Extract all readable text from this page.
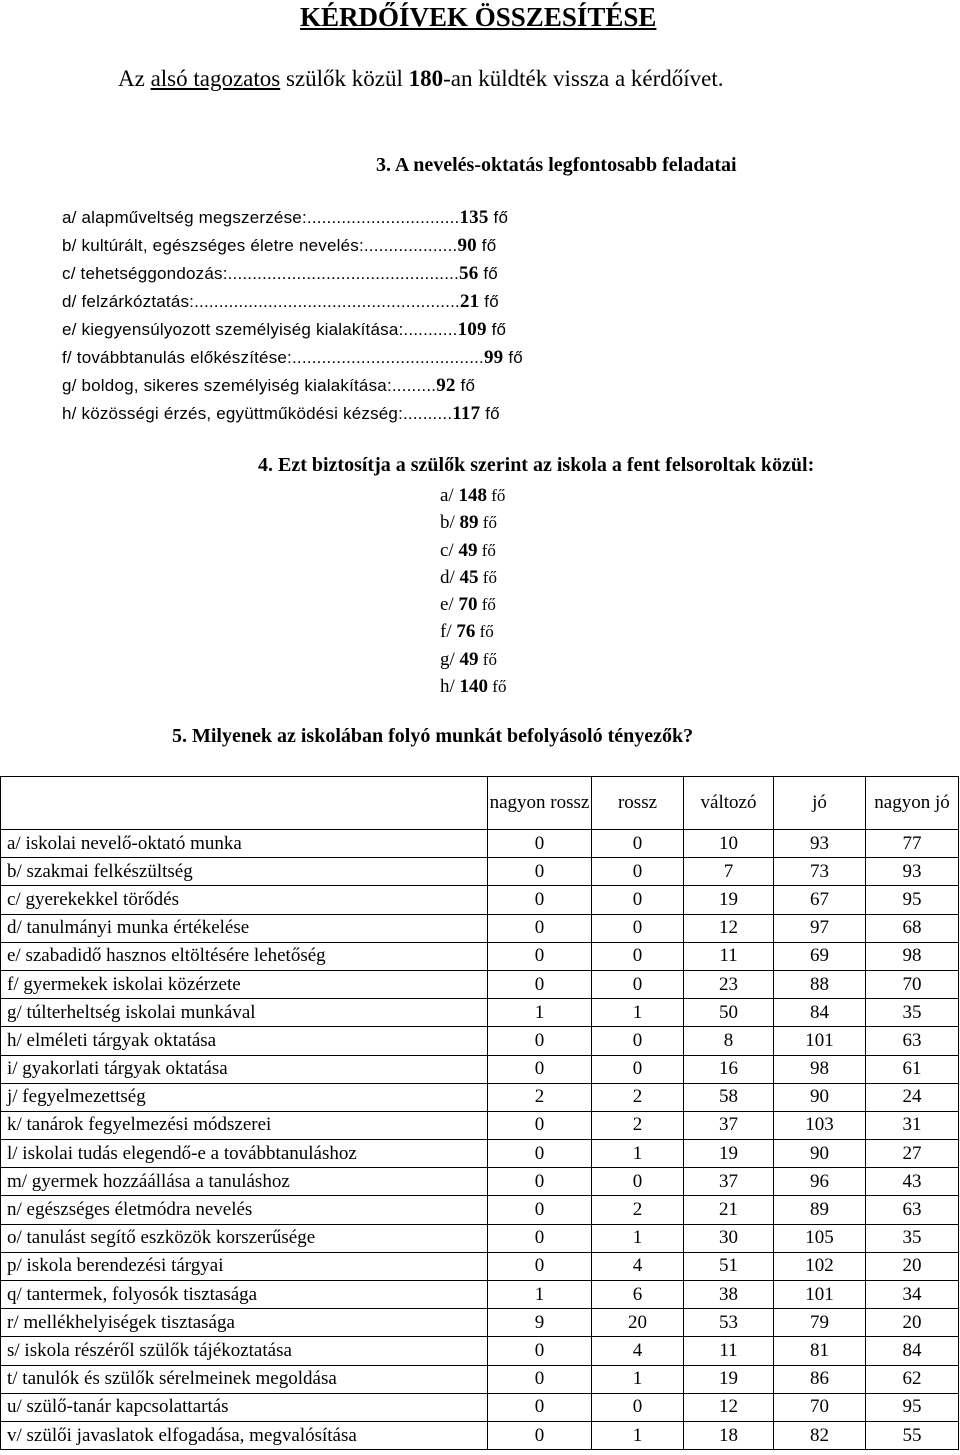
KÉRDŐÍVEK ÖSSZESÍTÉSE
Az alsó tagozatos szülők közül 180-an küldték vissza a kérdőívet.
3. A nevelés-oktatás legfontosabb feladatai
a/ alapműveltség megszerzése:...............................135 fő
b/ kultúrált, egészséges életre nevelés:...................90 fő
c/ tehetséggondozás:...............................................56 fő
d/ felzárkóztatás:......................................................21 fő
e/ kiegyensúlyozott személyiség kialakítása:...........109 fő
f/ továbbtanulás előkészítése:.......................................99 fő
g/ boldog, sikeres személyiség kialakítása:.........92 fő
h/ közösségi érzés, együttműködési kézség:..........117 fő
4. Ezt biztosítja a szülők szerint az iskola a fent felsoroltak közül:
a/ 148 fő
b/ 89 fő
c/ 49 fő
d/ 45 fő
e/ 70 fő
f/ 76 fő
g/ 49 fő
h/ 140 fő
5. Milyenek az iskolában folyó munkát befolyásoló tényezők?
	nagyon rossz	rossz	változó	jó	nagyon jó
a/ iskolai nevelő-oktató munka	0	0	10	93	77
b/ szakmai felkészültség	0	0	7	73	93
c/ gyerekekkel törődés	0	0	19	67	95
d/ tanulmányi munka értékelése	0	0	12	97	68
e/ szabadidő hasznos eltöltésére lehetőség	0	0	11	69	98
f/ gyermekek iskolai közérzete	0	0	23	88	70
g/ túlterheltség iskolai munkával	1	1	50	84	35
h/ elméleti tárgyak oktatása	0	0	8	101	63
i/ gyakorlati tárgyak oktatása	0	0	16	98	61
j/ fegyelmezettség	2	2	58	90	24
k/ tanárok fegyelmezési módszerei	0	2	37	103	31
l/ iskolai tudás elegendő-e a továbbtanuláshoz	0	1	19	90	27
m/ gyermek hozzáállása a tanuláshoz	0	0	37	96	43
n/ egészséges életmódra nevelés	0	2	21	89	63
o/ tanulást segítő eszközök korszerűsége	0	1	30	105	35
p/ iskola berendezési tárgyai	0	4	51	102	20
q/ tantermek, folyosók tisztasága	1	6	38	101	34
r/ mellékhelyiségek tisztasága	9	20	53	79	20
s/ iskola részéről szülők tájékoztatása	0	4	11	81	84
t/ tanulók és szülők sérelmeinek megoldása	0	1	19	86	62
u/ szülő-tanár kapcsolattartás	0	0	12	70	95
v/ szülői javaslatok elfogadása, megvalósítása	0	1	18	82	55
